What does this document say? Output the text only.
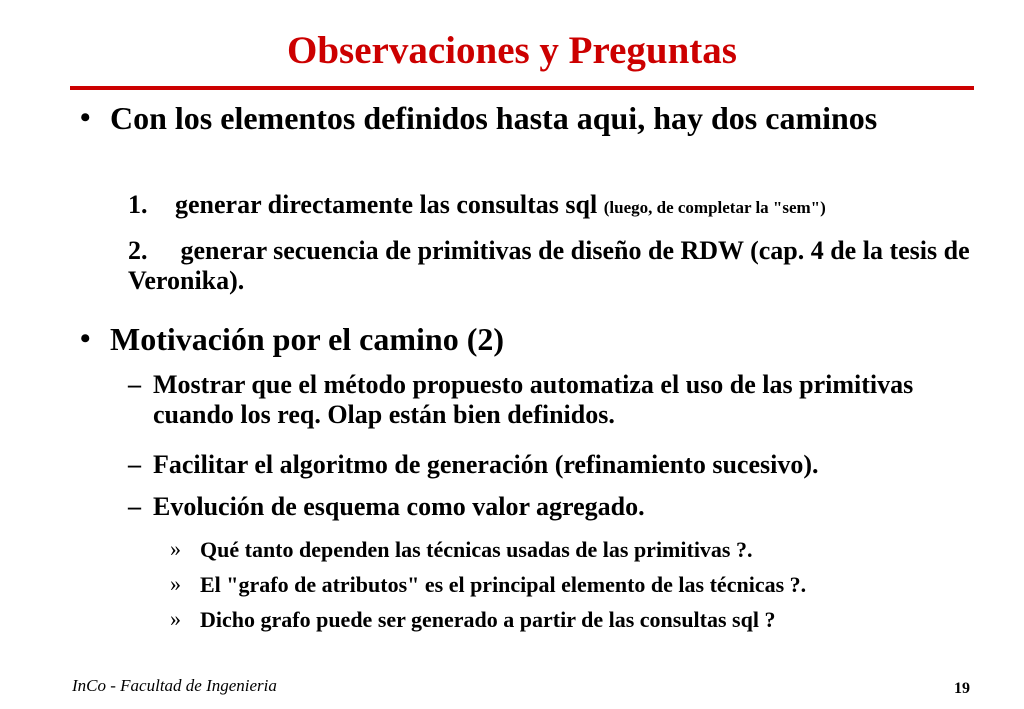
Observaciones y Preguntas
• Con los elementos definidos hasta aqui, hay dos caminos
1.	generar directamente las consultas sql (luego, de completar la "sem")
2. generar secuencia de primitivas de diseño de RDW (cap. 4 de la tesis de Veronika).
• Motivación por el camino (2)
– Mostrar que el método propuesto automatiza el uso de las primitivas cuando los req. Olap están bien definidos.
– Facilitar el algoritmo de generación (refinamiento sucesivo).
– Evolución de esquema como valor agregado.
» Qué tanto dependen las técnicas usadas de las primitivas ?.
» El "grafo de atributos" es el principal elemento de las técnicas ?.
» Dicho grafo puede ser generado a partir de las consultas sql ?
InCo - Facultad de Ingenieria	19
